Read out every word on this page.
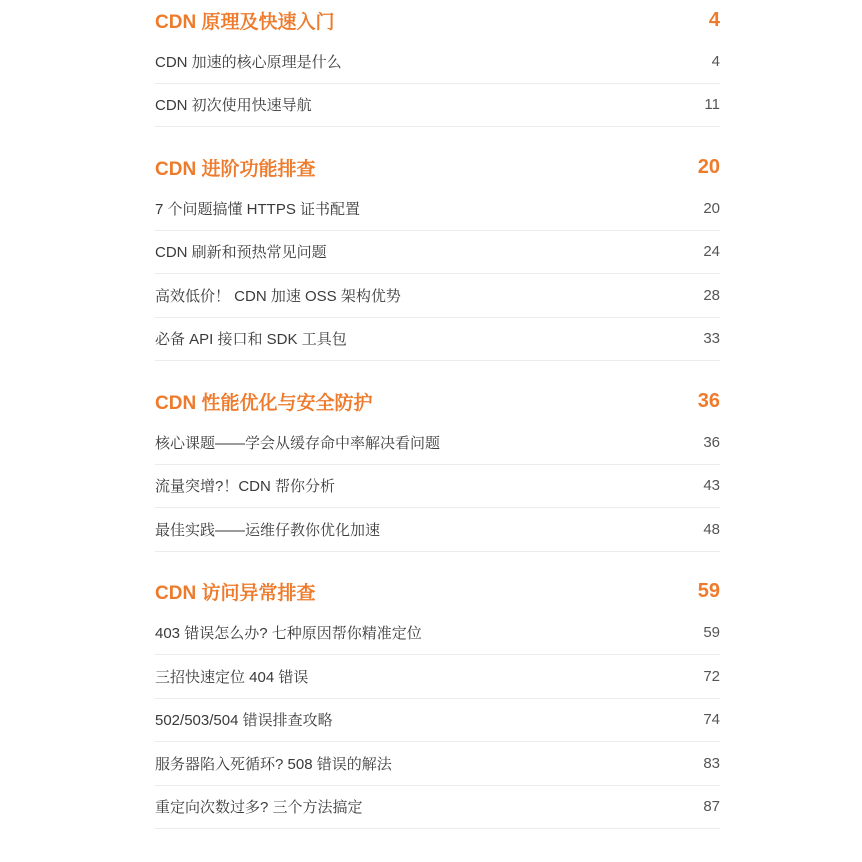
CDN 原理及快速入门	4
CDN 加速的核心原理是什么	4
CDN 初次使用快速导航	11
CDN 进阶功能排查	20
7 个问题搞懂 HTTPS 证书配置	20
CDN 刷新和预热常见问题	24
高效低价！ CDN 加速 OSS 架构优势	28
必备 API 接口和 SDK 工具包	33
CDN 性能优化与安全防护	36
核心课题——学会从缓存命中率解决看问题	36
流量突增?！CDN 帮你分析	43
最佳实践——运维仔教你优化加速	48
CDN 访问异常排查	59
403 错误怎么办? 七种原因帮你精准定位	59
三招快速定位 404 错误	72
502/503/504 错误排查攻略	74
服务器陷入死循环? 508 错误的解法	83
重定向次数过多? 三个方法搞定	87
